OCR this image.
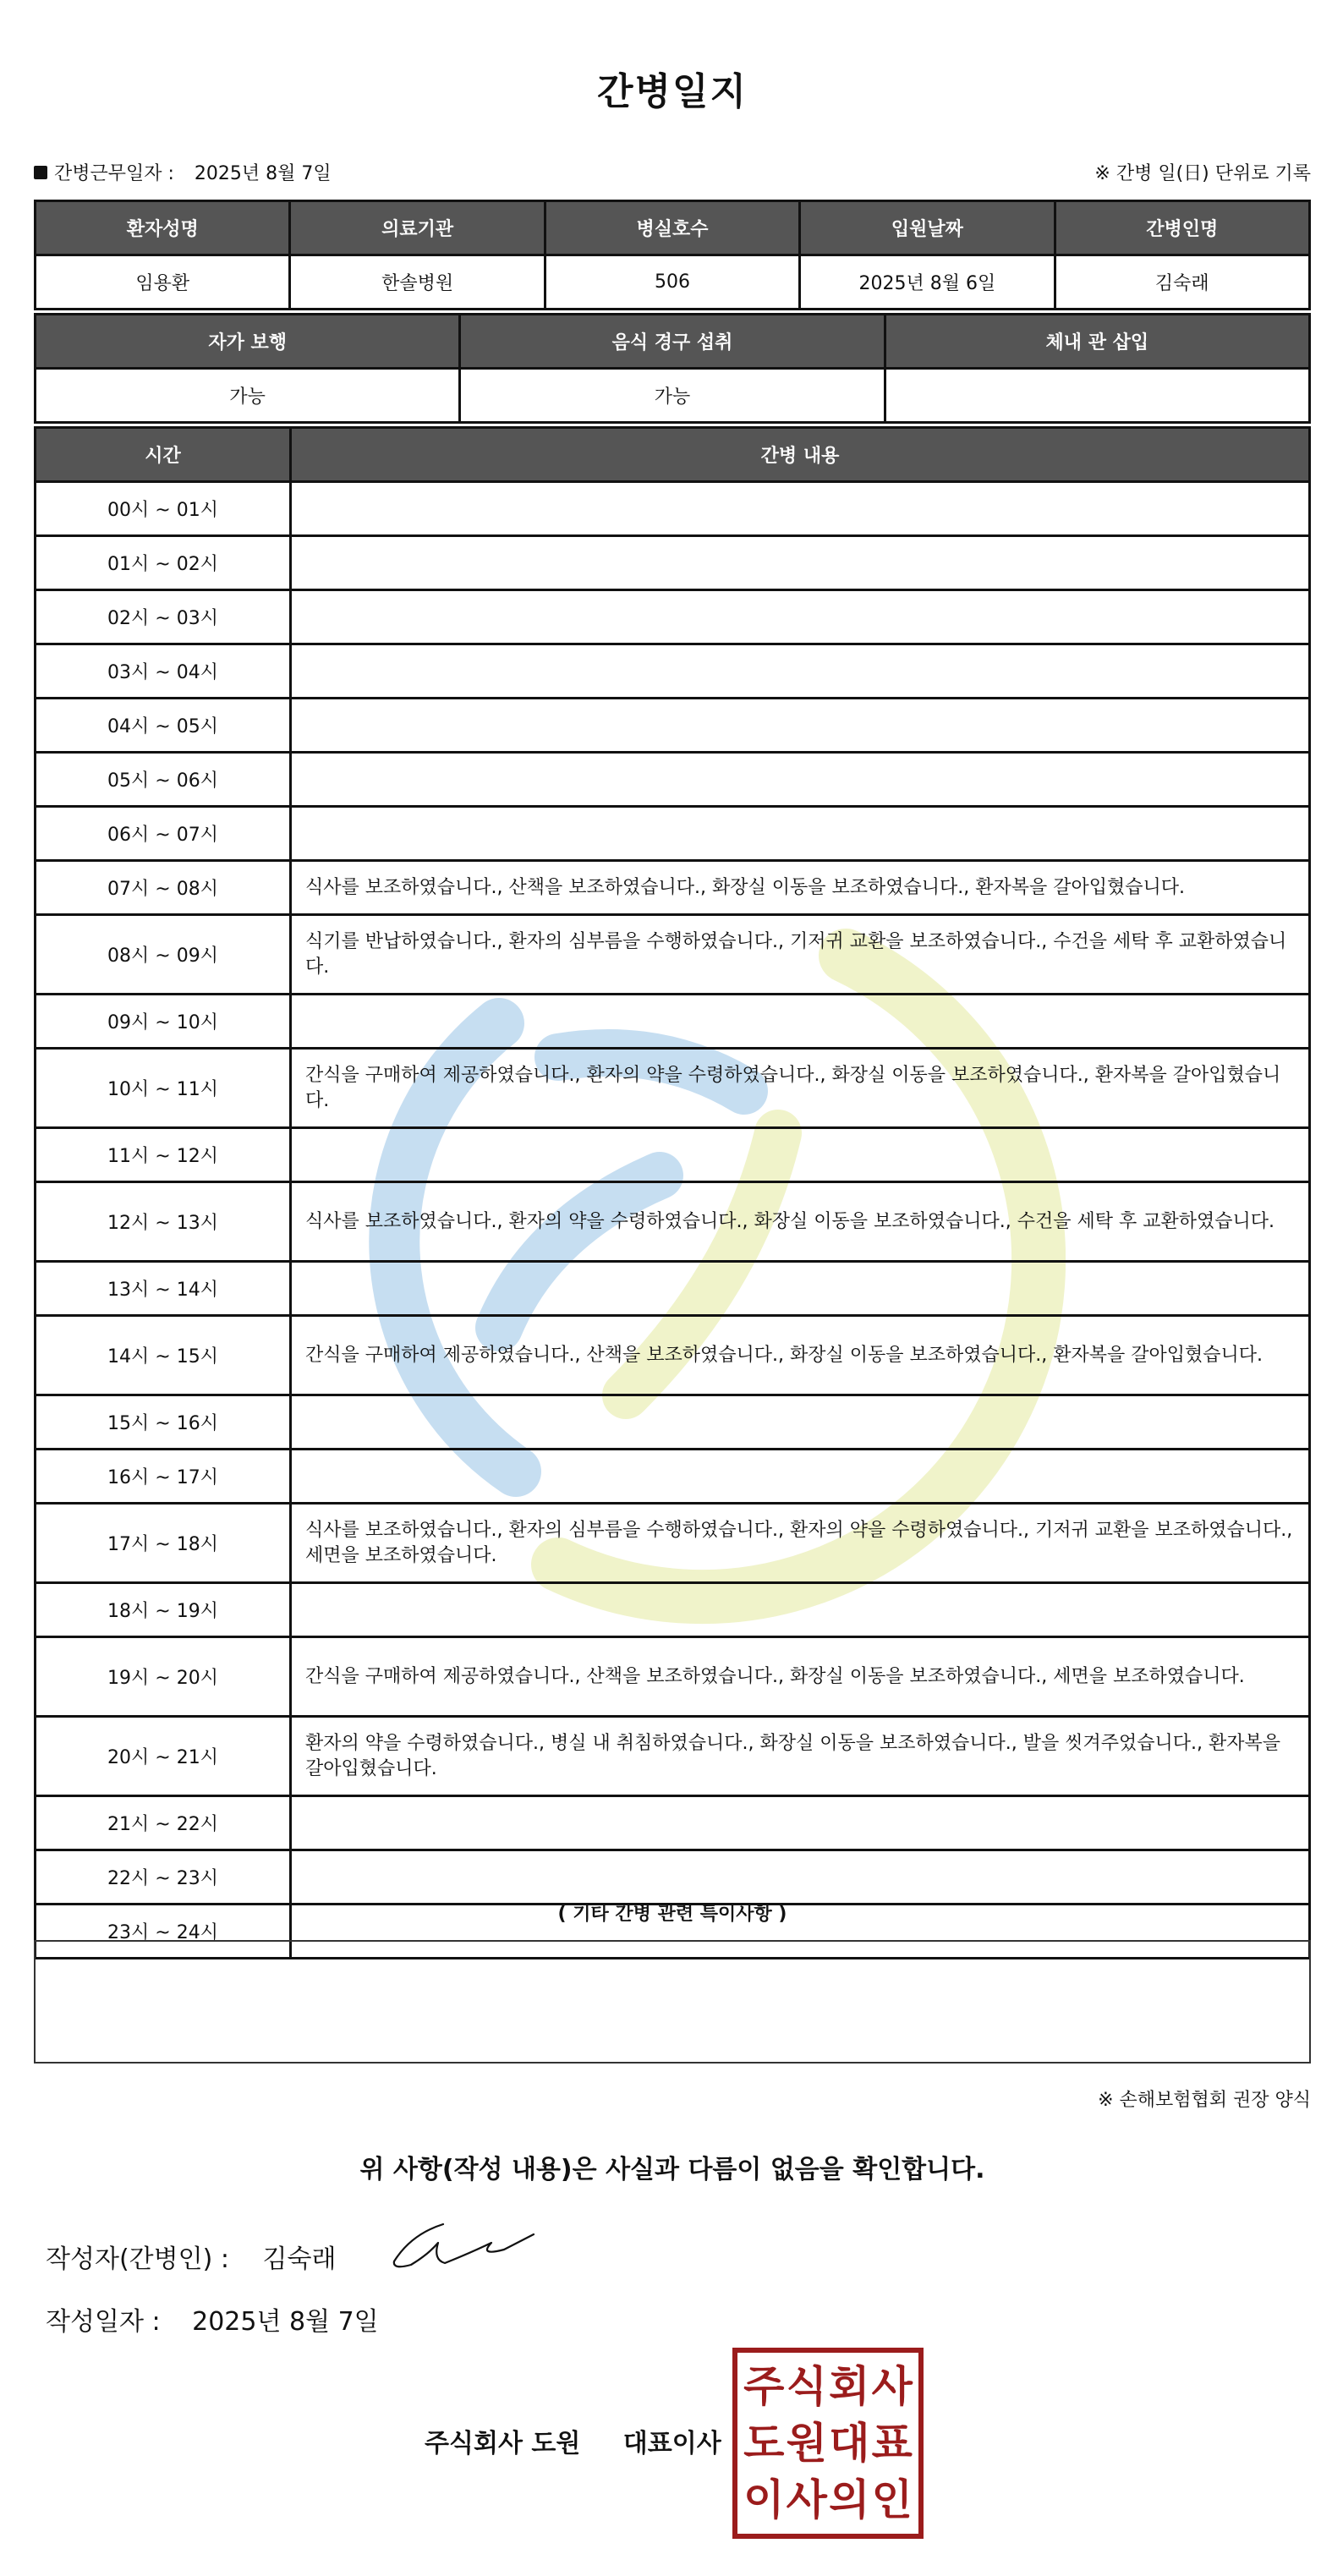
간병일지
간병근무일자 : 2025년 8월 7일	※ 간병 일(日) 단위로 기록
환자성명	의료기관	병실호수	입원날짜	간병인명
임용환	한솔병원	506	2025년 8월 6일	김숙래
자가 보행	음식 경구 섭취	체내 관 삽입
가능	가능	
시간	간병 내용
00시 ~ 01시	
01시 ~ 02시	
02시 ~ 03시	
03시 ~ 04시	
04시 ~ 05시	
05시 ~ 06시	
06시 ~ 07시	
07시 ~ 08시	식사를 보조하였습니다., 산책을 보조하였습니다., 화장실 이동을 보조하였습니다., 환자복을 갈아입혔습니다.
08시 ~ 09시	식기를 반납하였습니다., 환자의 심부름을 수행하였습니다., 기저귀 교환을 보조하였습니다., 수건을 세탁 후 교환하였습니다.
09시 ~ 10시	
10시 ~ 11시	간식을 구매하여 제공하였습니다., 환자의 약을 수령하였습니다., 화장실 이동을 보조하였습니다., 환자복을 갈아입혔습니다.
11시 ~ 12시	
12시 ~ 13시	식사를 보조하였습니다., 환자의 약을 수령하였습니다., 화장실 이동을 보조하였습니다., 수건을 세탁 후 교환하였습니다.
13시 ~ 14시	
14시 ~ 15시	간식을 구매하여 제공하였습니다., 산책을 보조하였습니다., 화장실 이동을 보조하였습니다., 환자복을 갈아입혔습니다.
15시 ~ 16시	
16시 ~ 17시	
17시 ~ 18시	식사를 보조하였습니다., 환자의 심부름을 수행하였습니다., 환자의 약을 수령하였습니다., 기저귀 교환을 보조하였습니다., 세면을 보조하였습니다.
18시 ~ 19시	
19시 ~ 20시	간식을 구매하여 제공하였습니다., 산책을 보조하였습니다., 화장실 이동을 보조하였습니다., 세면을 보조하였습니다.
20시 ~ 21시	환자의 약을 수령하였습니다., 병실 내 취침하였습니다., 화장실 이동을 보조하였습니다., 발을 씻겨주었습니다., 환자복을 갈아입혔습니다.
21시 ~ 22시	
22시 ~ 23시	
23시 ~ 24시	
( 기타 간병 관련 특이사항 )
※ 손해보험협회 권장 양식
위 사항(작성 내용)은 사실과 다름이 없음을 확인합니다.
작성자(간병인) : 김숙래
작성일자 : 2025년 8월 7일
주식회사 도원 대표이사
주 식 회 사
도 원 대 표
이 사 의 인
